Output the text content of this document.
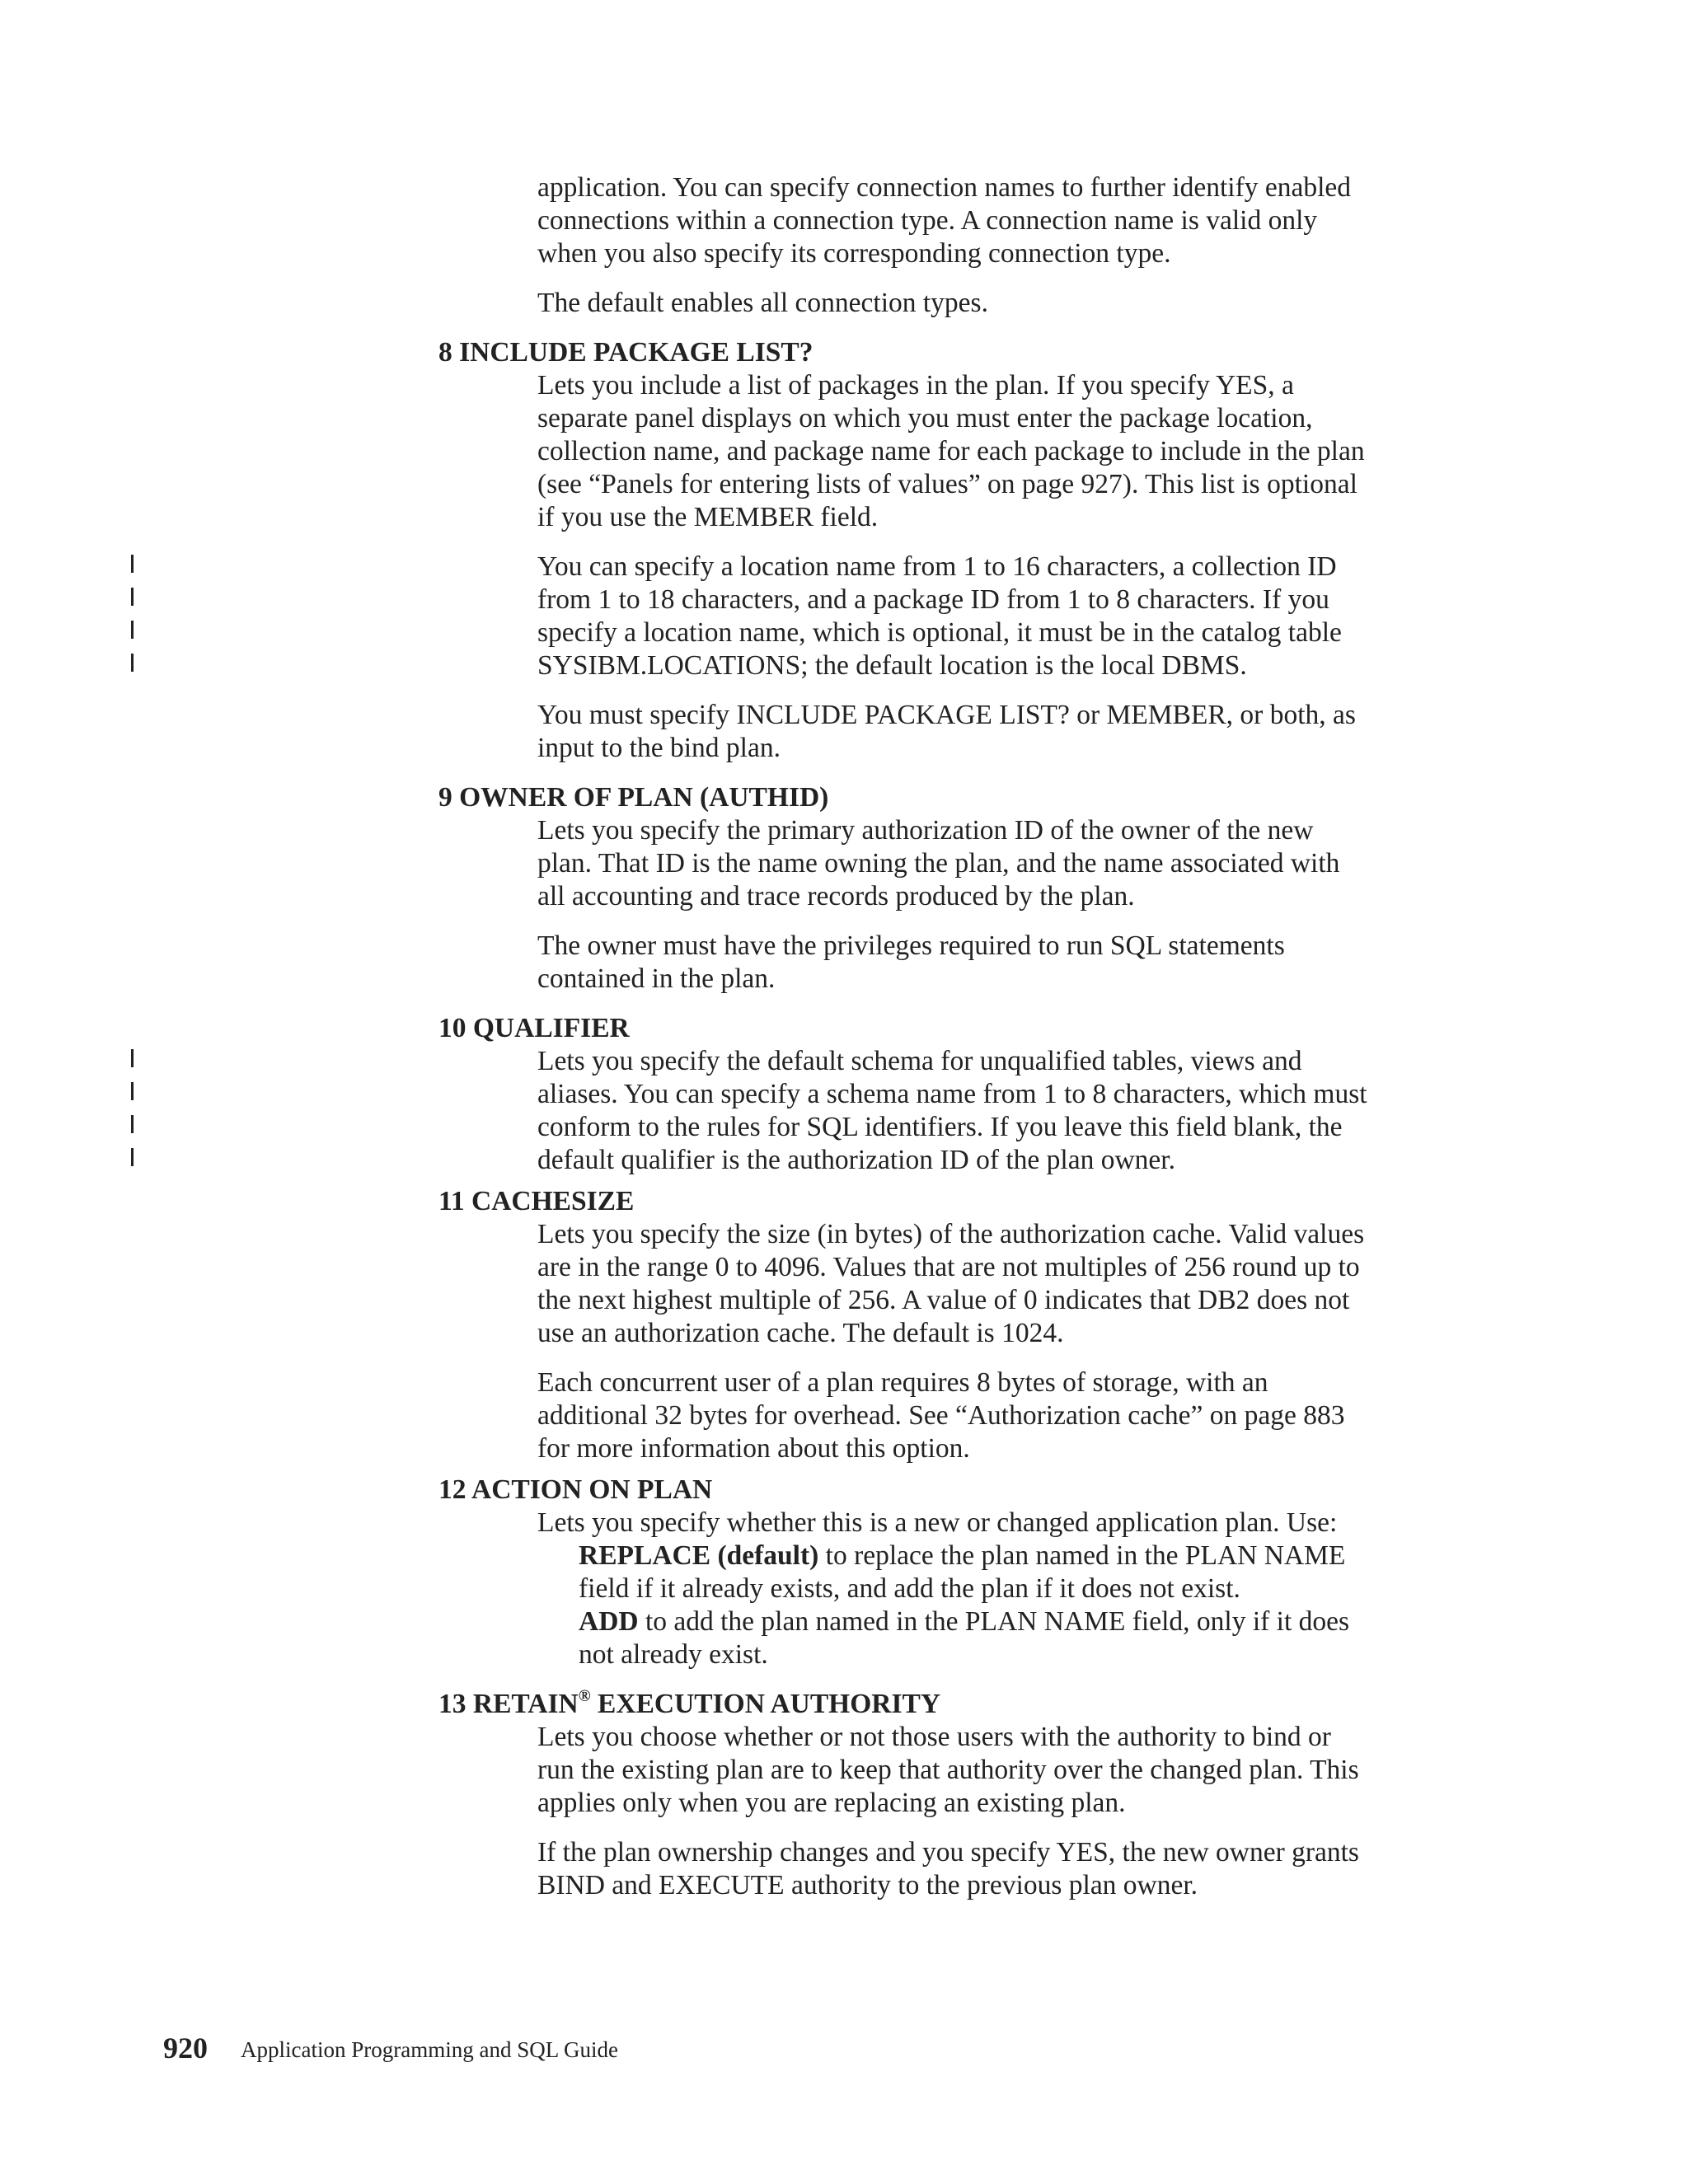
application. You can specify connection names to further identify enabled
connections within a connection type. A connection name is valid only
when you also specify its corresponding connection type.

The default enables all connection types.

8 INCLUDE PACKAGE LIST?

Lets you include a list of packages in the plan. If you specify YES, a
separate panel displays on which you must enter the package location,
collection name, and package name for each package to include in the plan
(see “Panels for entering lists of values” on page 927). This list is optional
if you use the MEMBER field.

You can specify a location name from 1 to 16 characters, a collection ID
from 1 to 18 characters, and a package ID from 1 to 8 characters. If you
specify a location name, which is optional, it must be in the catalog table
SYSIBM.LOCATIONS; the default location is the local DBMS.

You must specify INCLUDE PACKAGE LIST? or MEMBER, or both, as
input to the bind plan.

9 OWNER OF PLAN (AUTHID)

Lets you specify the primary authorization ID of the owner of the new
plan. That ID is the name owning the plan, and the name associated with
all accounting and trace records produced by the plan.

The owner must have the privileges required to run SQL statements
contained in the plan.

10 QUALIFIER

Lets you specify the default schema for unqualified tables, views and
aliases. You can specify a schema name from 1 to 8 characters, which must
conform to the rules for SQL identifiers. If you leave this field blank, the
default qualifier is the authorization ID of the plan owner.

11 CACHESIZE

Lets you specify the size (in bytes) of the authorization cache. Valid values
are in the range 0 to 4096. Values that are not multiples of 256 round up to
the next highest multiple of 256. A value of 0 indicates that DB2 does not
use an authorization cache. The default is 1024.

Each concurrent user of a plan requires 8 bytes of storage, with an
additional 32 bytes for overhead. See “Authorization cache” on page 883
for more information about this option.

12 ACTION ON PLAN

Lets you specify whether this is a new or changed application plan. Use:

REPLACE (default) to replace the plan named in the PLAN NAME
field if it already exists, and add the plan if it does not exist.

ADD to add the plan named in the PLAN NAME field, only if it does
not already exist.

13 RETAIN® EXECUTION AUTHORITY

Lets you choose whether or not those users with the authority to bind or
run the existing plan are to keep that authority over the changed plan. This
applies only when you are replacing an existing plan.

If the plan ownership changes and you specify YES, the new owner grants
BIND and EXECUTE authority to the previous plan owner.

920 Application Programming and SQL Guide
